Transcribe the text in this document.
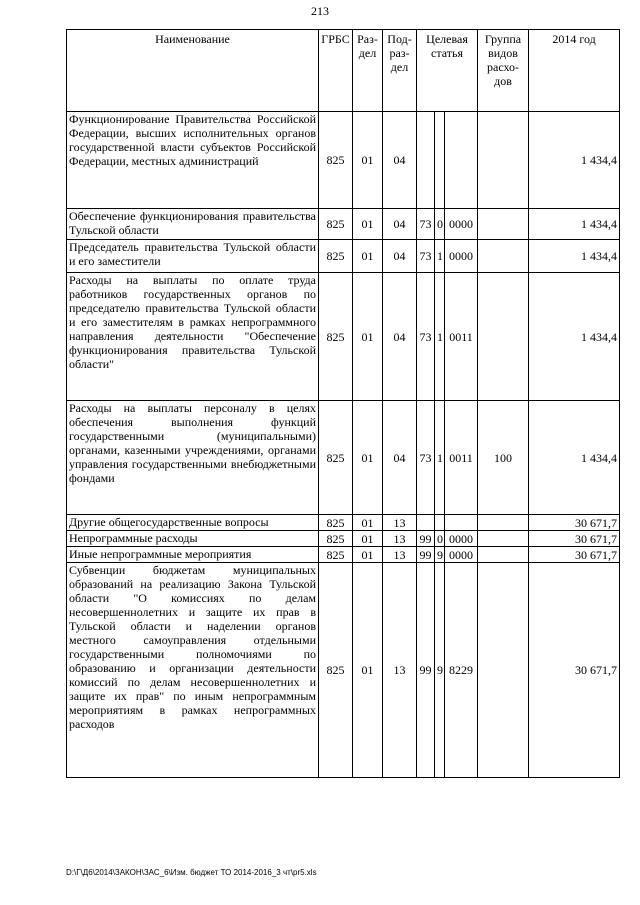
213
Наименование	ГРБС	Раз-дел	Под-раз-дел	Целевая статья			Группа видов расхо-дов	2014 год
Функционирование Правительства Российской Федерации, высших исполнительных органов государственной власти субъектов Российской Федерации, местных администраций	825	01	04					1 434,4
Обеспечение функционирования правительства Тульской области	825	01	04	73	0	0000		1 434,4
Председатель правительства Тульской области и его заместители	825	01	04	73	1	0000		1 434,4
Расходы на выплаты по оплате труда работников государственных органов по председателю правительства Тульской области и его заместителям в рамках непрограммного направления деятельности "Обеспечение функционирования правительства Тульской области"	825	01	04	73	1	0011		1 434,4
Расходы на выплаты персоналу в целях обеспечения выполнения функций государственными (муниципальными) органами, казенными учреждениями, органами управления государственными внебюджетными фондами	825	01	04	73	1	0011	100	1 434,4
Другие общегосударственные вопросы	825	01	13					30 671,7
Непрограммные расходы	825	01	13	99	0	0000		30 671,7
Иные непрограммные мероприятия	825	01	13	99	9	0000		30 671,7
Субвенции бюджетам муниципальных образований на реализацию Закона Тульской области "О комиссиях по делам несовершеннолетних и защите их прав в Тульской области и наделении органов местного самоуправления отдельными государственными полномочиями по образованию и организации деятельности комиссий по делам несовершеннолетних и защите их прав" по иным непрограммным мероприятиям в рамках непрограммных расходов	825	01	13	99	9	8229		30 671,7
D:\Г\Д6\2014\ЗАКОН\ЗАС_6\Изм. бюджет ТО 2014-2016_3 чт\pr5.xls
